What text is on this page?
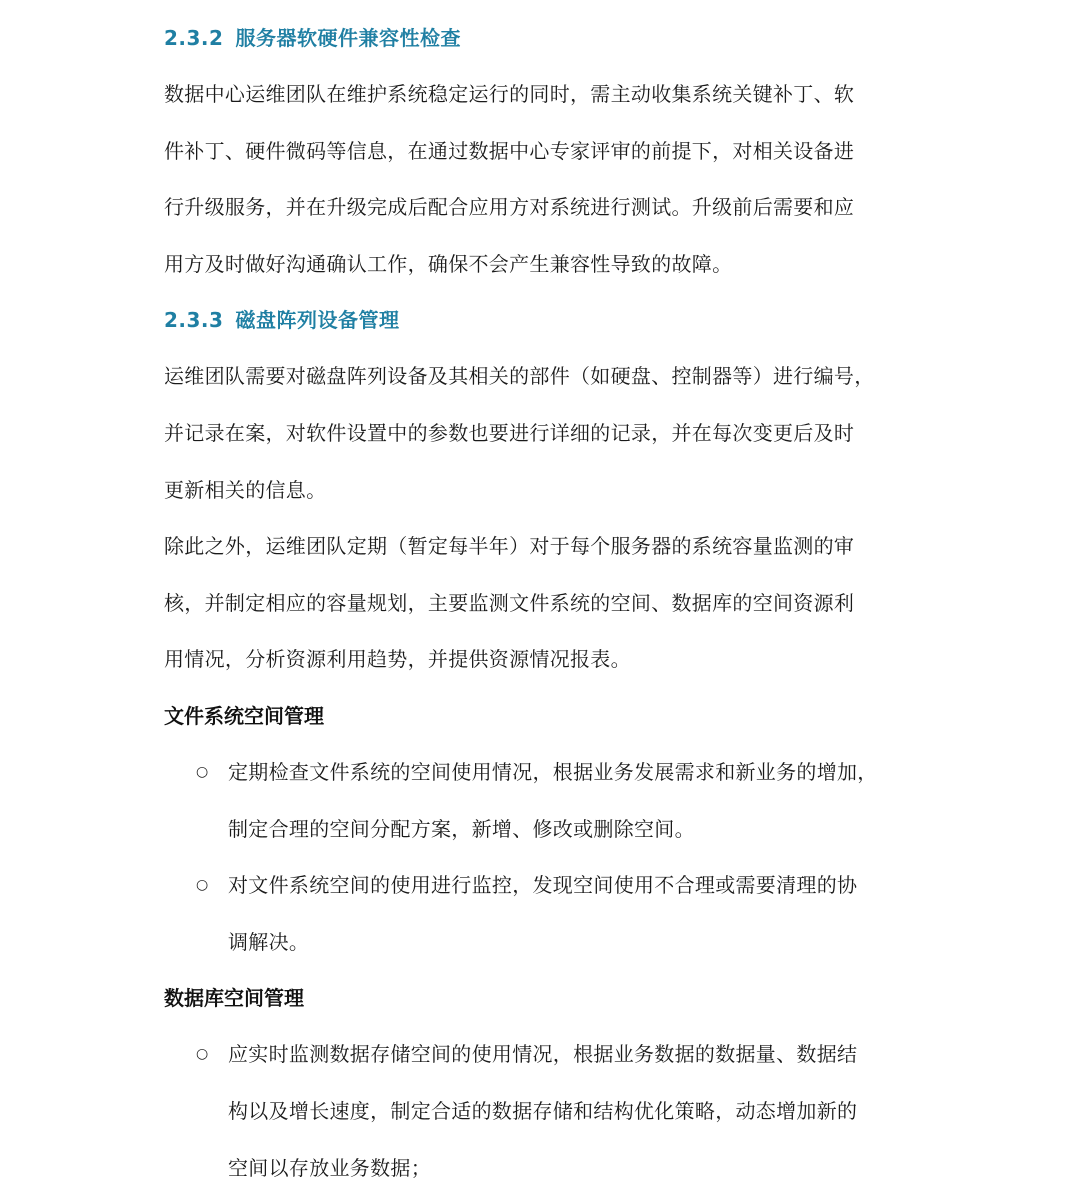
2.3.2 服务器软硬件兼容性检查

数据中心运维团队在维护系统稳定运行的同时，需主动收集系统关键补丁、软

件补丁、硬件微码等信息，在通过数据中心专家评审的前提下，对相关设备进

行升级服务，并在升级完成后配合应用方对系统进行测试。升级前后需要和应

用方及时做好沟通确认工作，确保不会产生兼容性导致的故障。

2.3.3 磁盘阵列设备管理

运维团队需要对磁盘阵列设备及其相关的部件（如硬盘、控制器等）进行编号，

并记录在案，对软件设置中的参数也要进行详细的记录，并在每次变更后及时

更新相关的信息。

除此之外，运维团队定期（暂定每半年）对于每个服务器的系统容量监测的审

核，并制定相应的容量规划，主要监测文件系统的空间、数据库的空间资源利

用情况，分析资源利用趋势，并提供资源情况报表。

文件系统空间管理
○ 定期检查文件系统的空间使用情况，根据业务发展需求和新业务的增加，
制定合理的空间分配方案，新增、修改或删除空间。
○ 对文件系统空间的使用进行监控，发现空间使用不合理或需要清理的协
调解决。
数据库空间管理
○ 应实时监测数据存储空间的使用情况，根据业务数据的数据量、数据结
构以及增长速度，制定合适的数据存储和结构优化策略，动态增加新的
空间以存放业务数据；
